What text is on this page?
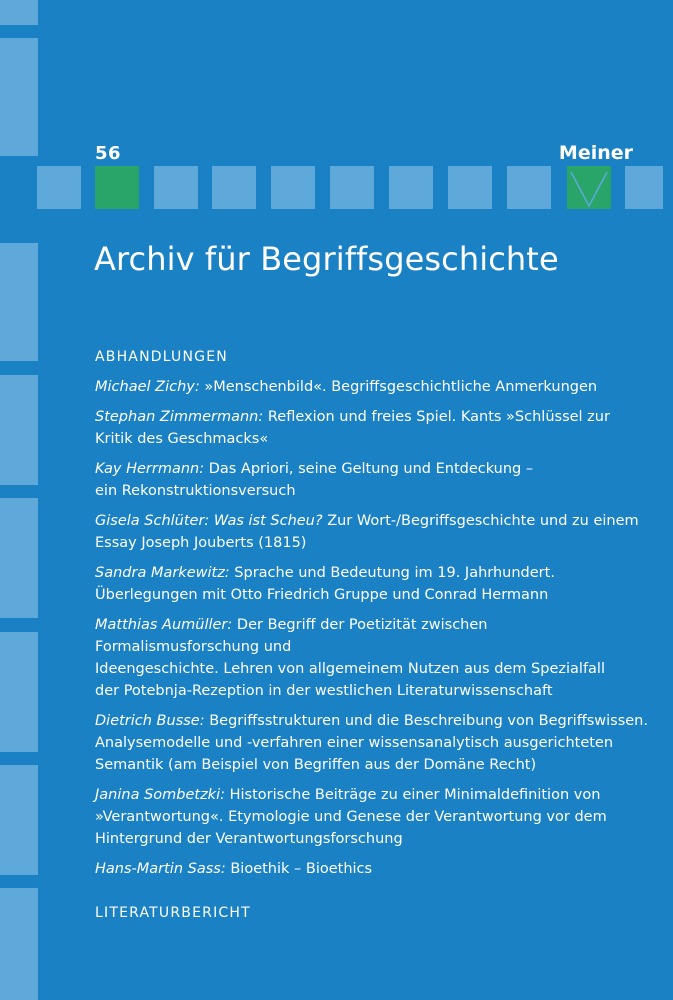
56	Meiner
Archiv für Begriffsgeschichte
ABHANDLUNGEN
Michael Zichy: »Menschenbild«. Begriffsgeschichtliche Anmerkungen
Stephan Zimmermann: Reflexion und freies Spiel. Kants »Schlüssel zur
Kritik des Geschmacks«
Kay Herrmann: Das Apriori, seine Geltung und Entdeckung –
ein Rekonstruktionsversuch
Gisela Schlüter: Was ist Scheu? Zur Wort-/Begriffsgeschichte und zu einem
Essay Joseph Jouberts (1815)
Sandra Markewitz: Sprache und Bedeutung im 19. Jahrhundert.
Überlegungen mit Otto Friedrich Gruppe und Conrad Hermann
Matthias Aumüller: Der Begriff der Poetizität zwischen Formalismusforschung und
Ideengeschichte. Lehren von allgemeinem Nutzen aus dem Spezialfall
der Potebnja-Rezeption in der westlichen Literaturwissenschaft
Dietrich Busse: Begriffsstrukturen und die Beschreibung von Begriffswissen.
Analysemodelle und -verfahren einer wissensanalytisch ausgerichteten
Semantik (am Beispiel von Begriffen aus der Domäne Recht)
Janina Sombetzki: Historische Beiträge zu einer Minimaldefinition von
»Verantwortung«. Etymologie und Genese der Verantwortung vor dem
Hintergrund der Verantwortungsforschung
Hans-Martin Sass: Bioethik – Bioethics
LITERATURBERICHT
